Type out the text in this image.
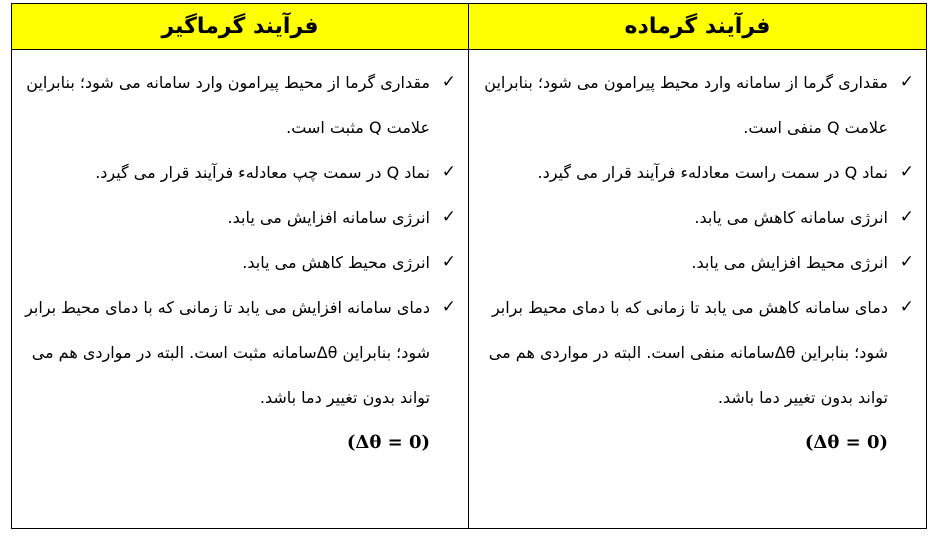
فرآیند گرماگیر	فرآیند گرماده
✓
مقداری گرما از محیط پیرامون وارد سامانه می شود؛ بنابراین علامت Q مثبت است.
✓
نماد Q در سمت چپ معادلهء فرآیند قرار می گیرد.
✓
انرژی سامانه افزایش می یابد.
✓
انرژی محیط کاهش می یابد.
✓
دمای سامانه افزایش می یابد تا زمانی که با دمای محیط برابر شود؛ بنابراین Δθسامانه مثبت است. البته در مواردی هم می تواند بدون تغییر دما باشد.
(Δθ = 0)
✓
مقداری گرما از سامانه وارد محیط پیرامون می شود؛ بنابراین علامت Q منفی است.
✓
نماد Q در سمت راست معادلهء فرآیند قرار می گیرد.
✓
انرژی سامانه کاهش می یابد.
✓
انرژی محیط افزایش می یابد.
✓
دمای سامانه کاهش می یابد تا زمانی که با دمای محیط برابر شود؛ بنابراین Δθسامانه منفی است. البته در مواردی هم می تواند بدون تغییر دما باشد.
(Δθ = 0)
